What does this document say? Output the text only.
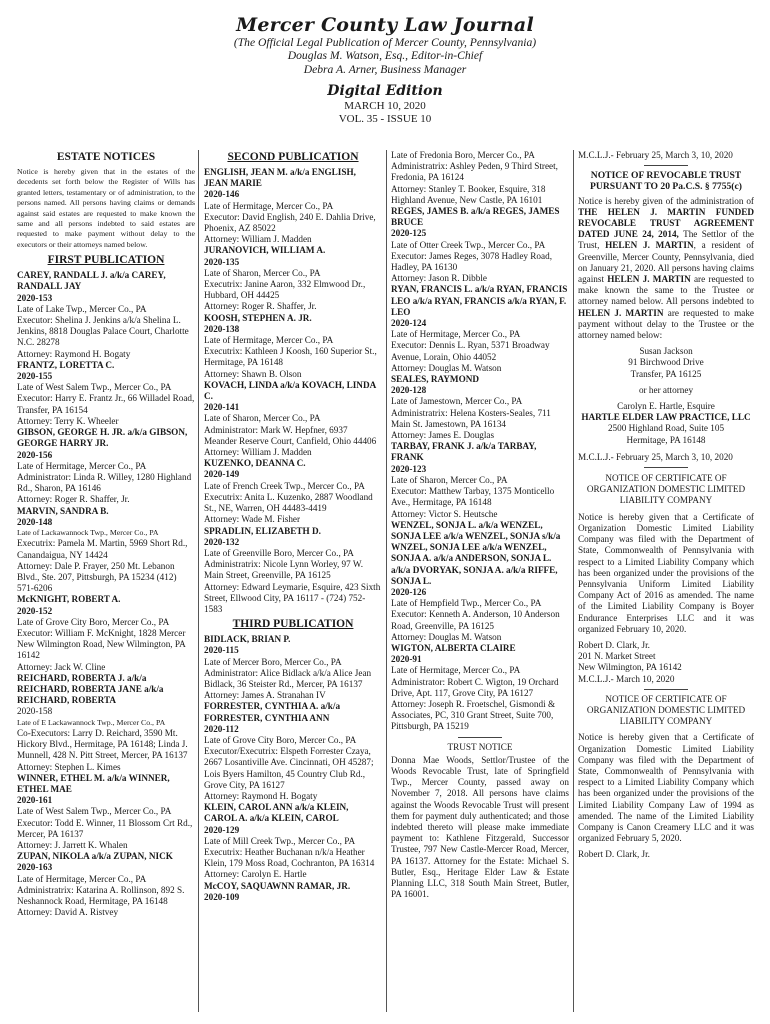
Mercer County Law Journal
(The Official Legal Publication of Mercer County, Pennsylvania)
Douglas M. Watson, Esq., Editor-in-Chief
Debra A. Arner, Business Manager
Digital Edition
MARCH 10, 2020
VOL. 35 - ISSUE 10
ESTATE NOTICES
Notice is hereby given that in the estates of the decedents set forth below the Register of Wills has granted letters, testamentary or of administration, to the persons named. All persons having claims or demands against said estates are requested to make known the same and all persons indebted to said estates are requested to make payment without delay to the executors or their attorneys named below.
FIRST PUBLICATION
CAREY, RANDALL J. a/k/a CAREY, RANDALL JAY
2020-153
Late of Lake Twp., Mercer Co., PA
Executor: Shelina J. Jenkins a/k/a Shelina L. Jenkins, 8818 Douglas Palace Court, Charlotte N.C. 28278
Attorney: Raymond H. Bogaty
FRANTZ, LORETTA C.
2020-155
Late of West Salem Twp., Mercer Co., PA
Executor: Harry E. Frantz Jr., 66 Willadel Road, Transfer, PA 16154
Attorney: Terry K. Wheeler
GIBSON, GEORGE H. JR. a/k/a GIBSON, GEORGE HARRY JR.
2020-156
Late of Hermitage, Mercer Co., PA
Administrator: Linda R. Willey, 1280 Highland Rd., Sharon, PA 16146
Attorney: Roger R. Shaffer, Jr.
MARVIN, SANDRA B.
2020-148
Late of Lackawannock Twp., Mercer Co., PA
Executrix: Pamela M. Martin, 5969 Short Rd., Canandaigua, NY 14424
Attorney: Dale P. Frayer, 250 Mt. Lebanon Blvd., Ste. 207, Pittsburgh, PA 15234 (412) 571-6206
McKNIGHT, ROBERT A.
2020-152
Late of Grove City Boro, Mercer Co., PA
Executor: William F. McKnight, 1828 Mercer New Wilmington Road, New Wilmington, PA 16142
Attorney: Jack W. Cline
REICHARD, ROBERTA J. a/k/a REICHARD, ROBERTA JANE a/k/a REICHARD, ROBERTA
2020-158
Late of E Lackawannock Twp., Mercer Co., PA
Co-Executors: Larry D. Reichard, 3590 Mt. Hickory Blvd., Hermitage, PA 16148; Linda J. Munnell, 428 N. Pitt Street, Mercer, PA 16137
Attorney: Stephen L. Kimes
WINNER, ETHEL M. a/k/a WINNER, ETHEL MAE
2020-161
Late of West Salem Twp., Mercer Co., PA
Executor: Todd E. Winner, 11 Blossom Crt Rd., Mercer, PA 16137
Attorney: J. Jarrett K. Whalen
ZUPAN, NIKOLA a/k/a ZUPAN, NICK
2020-163
Late of Hermitage, Mercer Co., PA
Administratrix: Katarina A. Rollinson, 892 S. Neshannock Road, Hermitage, PA 16148
Attorney: David A. Ristvey
SECOND PUBLICATION
ENGLISH, JEAN M. a/k/a ENGLISH, JEAN MARIE
2020-146
Late of Hermitage, Mercer Co., PA
Executor: David English, 240 E. Dahlia Drive, Phoenix, AZ 85022
Attorney: William J. Madden
JURANOVICH, WILLIAM A.
2020-135
Late of Sharon, Mercer Co., PA
Executrix: Janine Aaron, 332 Elmwood Dr., Hubbard, OH 44425
Attorney: Roger R. Shaffer, Jr.
KOOSH, STEPHEN A. JR.
2020-138
Late of Hermitage, Mercer Co., PA
Executrix: Kathleen J Koosh, 160 Superior St., Hermitage, PA 16148
Attorney: Shawn B. Olson
KOVACH, LINDA a/k/a KOVACH, LINDA C.
2020-141
Late of Sharon, Mercer Co., PA
Administrator: Mark W. Hepfner, 6937 Meander Reserve Court, Canfield, Ohio 44406
Attorney: William J. Madden
KUZENKO, DEANNA C.
2020-149
Late of French Creek Twp., Mercer Co., PA
Executrix: Anita L. Kuzenko, 2887 Woodland St., NE, Warren, OH 44483-4419
Attorney: Wade M. Fisher
SPRADLIN, ELIZABETH D.
2020-132
Late of Greenville Boro, Mercer Co., PA
Administratrix: Nicole Lynn Worley, 97 W. Main Street, Greenville, PA 16125
Attorney: Edward Leymarie, Esquire, 423 Sixth Street, Ellwood City, PA 16117 - (724) 752-1583
THIRD PUBLICATION
BIDLACK, BRIAN P.
2020-115
Late of Mercer Boro, Mercer Co., PA
Administrator: Alice Bidlack a/k/a Alice Jean Bidlack, 36 Steister Rd., Mercer, PA 16137
Attorney: James A. Stranahan IV
FORRESTER, CYNTHIA A. a/k/a FORRESTER, CYNTHIA ANN
2020-112
Late of Grove City Boro, Mercer Co., PA
Executor/Executrix: Elspeth Forrester Czaya, 2667 Losantiville Ave. Cincinnati, OH 45287; Lois Byers Hamilton, 45 Country Club Rd., Grove City, PA 16127
Attorney: Raymond H. Bogaty
KLEIN, CAROL ANN a/k/a KLEIN, CAROL A. a/k/a KLEIN, CAROL
2020-129
Late of Mill Creek Twp., Mercer Co., PA
Executrix: Heather Buchanan n/k/a Heather Klein, 179 Moss Road, Cochranton, PA 16314
Attorney: Carolyn E. Hartle
McCOY, SAQUAWNN RAMAR, JR.
2020-109
Late of Fredonia Boro, Mercer Co., PA
Administratrix: Ashley Peden, 9 Third Street, Fredonia, PA 16124
Attorney: Stanley T. Booker, Esquire, 318 Highland Avenue, New Castle, PA 16101
REGES, JAMES B. a/k/a REGES, JAMES BRUCE
2020-125
Late of Otter Creek Twp., Mercer Co., PA
Executor: James Reges, 3078 Hadley Road, Hadley, PA 16130
Attorney: Jason R. Dibble
RYAN, FRANCIS L. a/k/a RYAN, FRANCIS LEO a/k/a RYAN, FRANCIS a/k/a RYAN, F. LEO
2020-124
Late of Hermitage, Mercer Co., PA
Executor: Dennis L. Ryan, 5371 Broadway Avenue, Lorain, Ohio 44052
Attorney: Douglas M. Watson
SEALES, RAYMOND
2020-128
Late of Jamestown, Mercer Co., PA
Administratrix: Helena Kosters-Seales, 711 Main St. Jamestown, PA 16134
Attorney: James E. Douglas
TARBAY, FRANK J. a/k/a TARBAY, FRANK
2020-123
Late of Sharon, Mercer Co., PA
Executor: Matthew Tarbay, 1375 Monticello Ave., Hermitage, PA 16148
Attorney: Victor S. Heutsche
WENZEL, SONJA L. a/k/a WENZEL, SONJA LEE a/k/a WENZEL, SONJA s/k/a WNZEL, SONJA LEE a/k/a WENZEL, SONJA A. a/k/a ANDERSON, SONJA L. a/k/a DVORYAK, SONJA A. a/k/a RIFFE, SONJA L.
2020-126
Late of Hempfield Twp., Mercer Co., PA
Executor: Kenneth A. Anderson, 10 Anderson Road, Greenville, PA 16125
Attorney: Douglas M. Watson
WIGTON, ALBERTA CLAIRE
2020-91
Late of Hermitage, Mercer Co., PA
Administrator: Robert C. Wigton, 19 Orchard Drive, Apt. 117, Grove City, PA 16127
Attorney: Joseph R. Froetschel, Gismondi & Associates, PC, 310 Grant Street, Suite 700, Pittsburgh, PA 15219
TRUST NOTICE
Donna Mae Woods, Settlor/Trustee of the Woods Revocable Trust, late of Springfield Twp., Mercer County, passed away on November 7, 2018. All persons have claims against the Woods Revocable Trust will present them for payment duly authenticated; and those indebted thereto will please make immediate payment to: Kathlene Fitzgerald, Successor Trustee, 797 New Castle-Mercer Road, Mercer, PA 16137. Attorney for the Estate: Michael S. Butler, Esq., Heritage Elder Law & Estate Planning LLC, 318 South Main Street, Butler, PA 16001.
M.C.L.J.- February 25, March 3, 10, 2020
NOTICE OF REVOCABLE TRUST PURSUANT TO 20 Pa.C.S. § 7755(c)
Notice is hereby given of the administration of THE HELEN J. MARTIN FUNDED REVOCABLE TRUST AGREEMENT DATED JUNE 24, 2014, The Settlor of the Trust, HELEN J. MARTIN, a resident of Greenville, Mercer County, Pennsylvania, died on January 21, 2020. All persons having claims against HELEN J. MARTIN are requested to make known the same to the Trustee or attorney named below. All persons indebted to HELEN J. MARTIN are requested to make payment without delay to the Trustee or the attorney named below:
Susan Jackson
91 Birchwood Drive
Transfer, PA 16125
or her attorney
Carolyn E. Hartle, Esquire
HARTLE ELDER LAW PRACTICE, LLC
2500 Highland Road, Suite 105
Hermitage, PA 16148
M.C.L.J.- February 25, March 3, 10, 2020
NOTICE OF CERTIFICATE OF ORGANIZATION DOMESTIC LIMITED LIABILITY COMPANY
Notice is hereby given that a Certificate of Organization Domestic Limited Liability Company was filed with the Department of State, Commonwealth of Pennsylvania with respect to a Limited Liability Company which has been organized under the provisions of the Pennsylvania Uniform Limited Liability Company Act of 2016 as amended. The name of the Limited Liability Company is Boyer Endurance Enterprises LLC and it was organized February 10, 2020.
Robert D. Clark, Jr.
201 N. Market Street
New Wilmington, PA 16142
M.C.L.J.- March 10, 2020
NOTICE OF CERTIFICATE OF ORGANIZATION DOMESTIC LIMITED LIABILITY COMPANY
Notice is hereby given that a Certificate of Organization Domestic Limited Liability Company was filed with the Department of State, Commonwealth of Pennsylvania with respect to a Limited Liability Company which has been organized under the provisions of the Limited Liability Company Law of 1994 as amended. The name of the Limited Liability Company is Canon Creamery LLC and it was organized February 5, 2020.
Robert D. Clark, Jr.
